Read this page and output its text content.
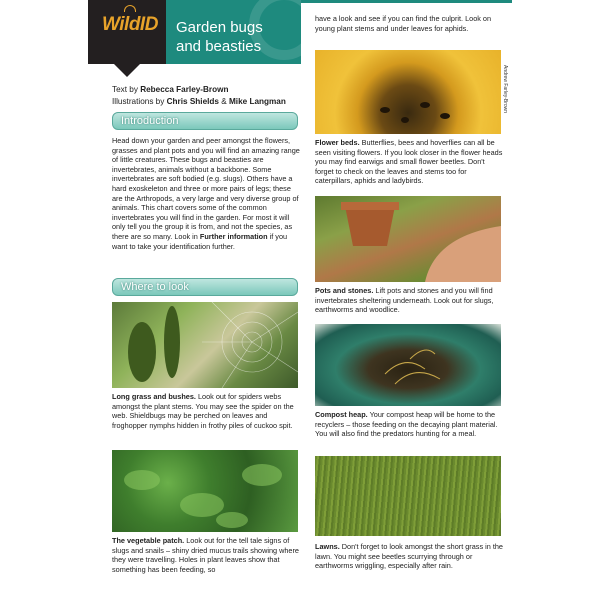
WildID Garden bugs
and beasties
Text by Rebecca Farley-Brown
Illustrations by Chris Shields & Mike Langman
Introduction
Head down your garden and peer amongst the flowers, grasses and plant pots and you will find an amazing range of little creatures. These bugs and beasties are invertebrates, animals without a backbone. Some invertebrates are soft bodied (e.g. slugs). Others have a hard exoskeleton and three or more pairs of legs; these are the Arthropods, a very large and very diverse group of animals. This chart covers some of the common invertebrates you will find in the garden. For most it will only tell you the group it is from, and not the species, as there are so many. Look in Further information if you want to take your identification further.
Where to look
Long grass and bushes. Look out for spiders webs amongst the plant stems. You may see the spider on the web. Shieldbugs may be perched on leaves and froghopper nymphs hidden in frothy piles of cuckoo spit.
The vegetable patch. Look out for the tell tale signs of slugs and snails – shiny dried mucus trails showing where they were travelling. Holes in plant leaves show that something has been feeding, so
have a look and see if you can find the culprit. Look on young plant stems and under leaves for aphids.
Andrew Farley-Brown
Flower beds. Butterflies, bees and hoverflies can all be seen visiting flowers. If you look closer in the flower heads you may find earwigs and small flower beetles. Don't forget to check on the leaves and stems too for caterpillars, aphids and ladybirds.
Pots and stones. Lift pots and stones and you will find invertebrates sheltering underneath. Look out for slugs, earthworms and woodlice.
Compost heap. Your compost heap will be home to the recyclers – those feeding on the decaying plant material. You will also find the predators hunting for a meal.
Lawns. Don't forget to look amongst the short grass in the lawn. You might see beetles scurrying through or earthworms wriggling, especially after rain.
